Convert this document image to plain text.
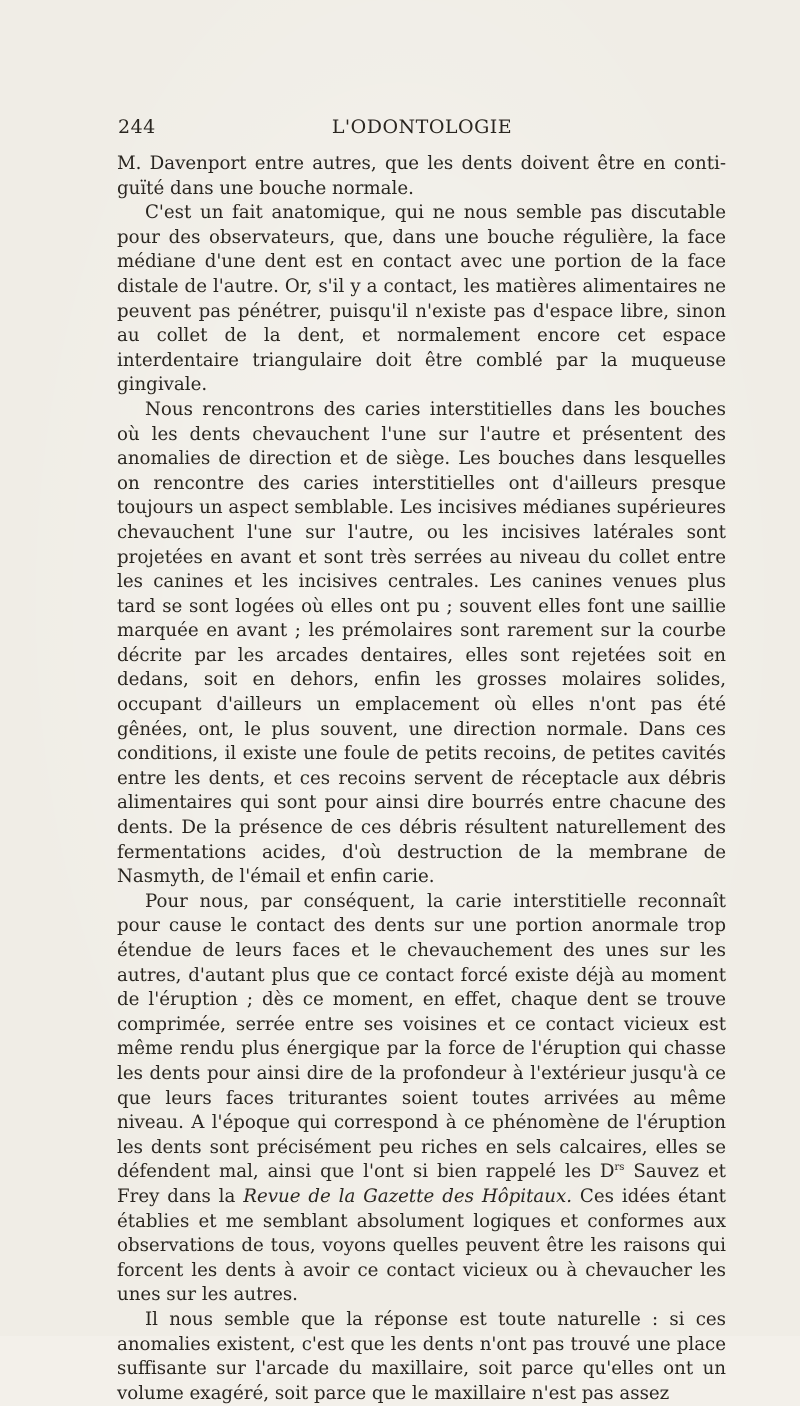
244	L'ODONTOLOGIE

M. Davenport entre autres, que les dents doivent être en contiguïté dans une bouche normale.

C'est un fait anatomique, qui ne nous semble pas discutable pour des observateurs, que, dans une bouche régulière, la face médiane d'une dent est en contact avec une portion de la face distale de l'autre. Or, s'il y a contact, les matières alimentaires ne peuvent pas pénétrer, puisqu'il n'existe pas d'espace libre, sinon au collet de la dent, et normalement encore cet espace interdentaire triangulaire doit être comblé par la muqueuse gingivale.

Nous rencontrons des caries interstitielles dans les bouches où les dents chevauchent l'une sur l'autre et présentent des anomalies de direction et de siège. Les bouches dans lesquelles on rencontre des caries interstitielles ont d'ailleurs presque toujours un aspect semblable. Les incisives médianes supérieures chevauchent l'une sur l'autre, ou les incisives latérales sont projetées en avant et sont très serrées au niveau du collet entre les canines et les incisives centrales. Les canines venues plus tard se sont logées où elles ont pu ; souvent elles font une saillie marquée en avant ; les prémolaires sont rarement sur la courbe décrite par les arcades dentaires, elles sont rejetées soit en dedans, soit en dehors, enfin les grosses molaires solides, occupant d'ailleurs un emplacement où elles n'ont pas été gênées, ont, le plus souvent, une direction normale. Dans ces conditions, il existe une foule de petits recoins, de petites cavités entre les dents, et ces recoins servent de réceptacle aux débris alimentaires qui sont pour ainsi dire bourrés entre chacune des dents. De la présence de ces débris résultent naturellement des fermentations acides, d'où destruction de la membrane de Nasmyth, de l'émail et enfin carie.

Pour nous, par conséquent, la carie interstitielle reconnaît pour cause le contact des dents sur une portion anormale trop étendue de leurs faces et le chevauchement des unes sur les autres, d'autant plus que ce contact forcé existe déjà au moment de l'éruption ; dès ce moment, en effet, chaque dent se trouve comprimée, serrée entre ses voisines et ce contact vicieux est même rendu plus énergique par la force de l'éruption qui chasse les dents pour ainsi dire de la profondeur à l'extérieur jusqu'à ce que leurs faces triturantes soient toutes arrivées au même niveau. A l'époque qui correspond à ce phénomène de l'éruption les dents sont précisément peu riches en sels calcaires, elles se défendent mal, ainsi que l'ont si bien rappelé les $D^{rs}$ Sauvez et Frey dans la Revue de la Gazette des Hôpitaux. Ces idées étant établies et me semblant absolument logiques et conformes aux observations de tous, voyons quelles peuvent être les raisons qui forcent les dents à avoir ce contact vicieux ou à chevaucher les unes sur les autres.

Il nous semble que la réponse est toute naturelle : si ces anomalies existent, c'est que les dents n'ont pas trouvé une place suffisante sur l'arcade du maxillaire, soit parce qu'elles ont un volume exagéré, soit parce que le maxillaire n'est pas assez
